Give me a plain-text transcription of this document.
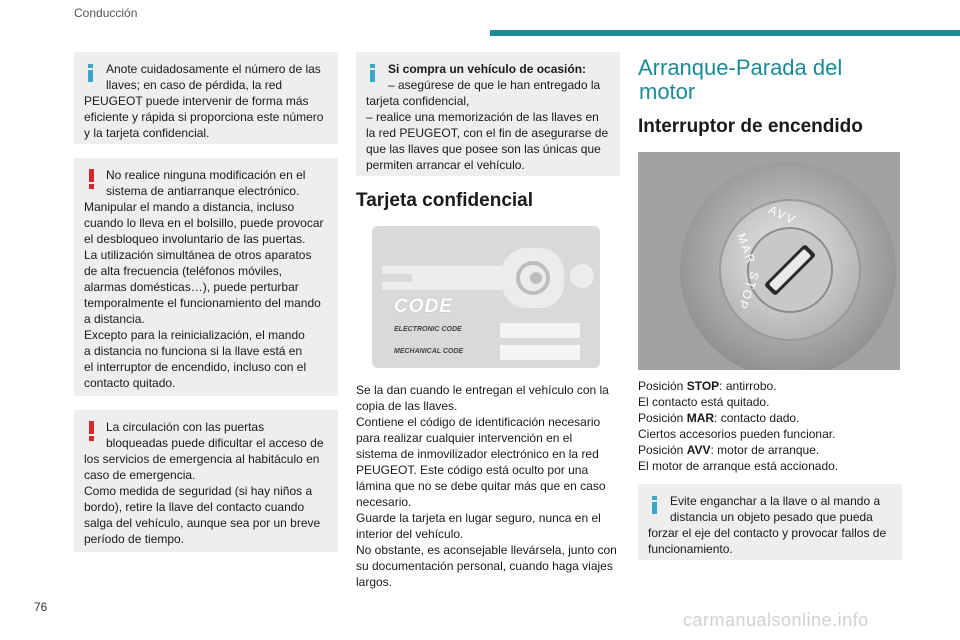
Conducción
Anote cuidadosamente el número de las
llaves; en caso de pérdida, la red
PEUGEOT puede intervenir de forma más
eficiente y rápida si proporciona este número
y la tarjeta confidencial.
No realice ninguna modificación en el
sistema de antiarranque electrónico.
Manipular el mando a distancia, incluso
cuando lo lleva en el bolsillo, puede provocar
el desbloqueo involuntario de las puertas.
La utilización simultánea de otros aparatos
de alta frecuencia (teléfonos móviles,
alarmas domésticas…), puede perturbar
temporalmente el funcionamiento del mando
a distancia.
Excepto para la reinicialización, el mando
a distancia no funciona si la llave está en
el interruptor de encendido, incluso con el
contacto quitado.
La circulación con las puertas
bloqueadas puede dificultar el acceso de
los servicios de emergencia al habitáculo en
caso de emergencia.
Como medida de seguridad (si hay niños a
bordo), retire la llave del contacto cuando
salga del vehículo, aunque sea por un breve
período de tiempo.
Si compra un vehículo de ocasión:
– asegúrese de que le han entregado la
tarjeta confidencial,
– realice una memorización de las llaves en
la red PEUGEOT, con el fin de asegurarse de
que las llaves que posee son las únicas que
permiten arrancar el vehículo.
Tarjeta confidencial
CODE
ELECTRONIC CODE
MECHANICAL CODE
Se la dan cuando le entregan el vehículo con la
copia de las llaves.
Contiene el código de identificación necesario
para realizar cualquier intervención en el
sistema de inmovilizador electrónico en la red
PEUGEOT. Este código está oculto por una
lámina que no se debe quitar más que en caso
necesario.
Guarde la tarjeta en lugar seguro, nunca en el
interior del vehículo.
No obstante, es aconsejable llevársela, junto con
su documentación personal, cuando haga viajes
largos.
Arranque-Parada del
motor
Interruptor de encendido
AVV
MAR
STOP
Posición STOP: antirrobo.
El contacto está quitado.
Posición MAR: contacto dado.
Ciertos accesorios pueden funcionar.
Posición AVV: motor de arranque.
El motor de arranque está accionado.
Evite enganchar a la llave o al mando a
distancia un objeto pesado que pueda
forzar el eje del contacto y provocar fallos de
funcionamiento.
76
carmanualsonline.info
